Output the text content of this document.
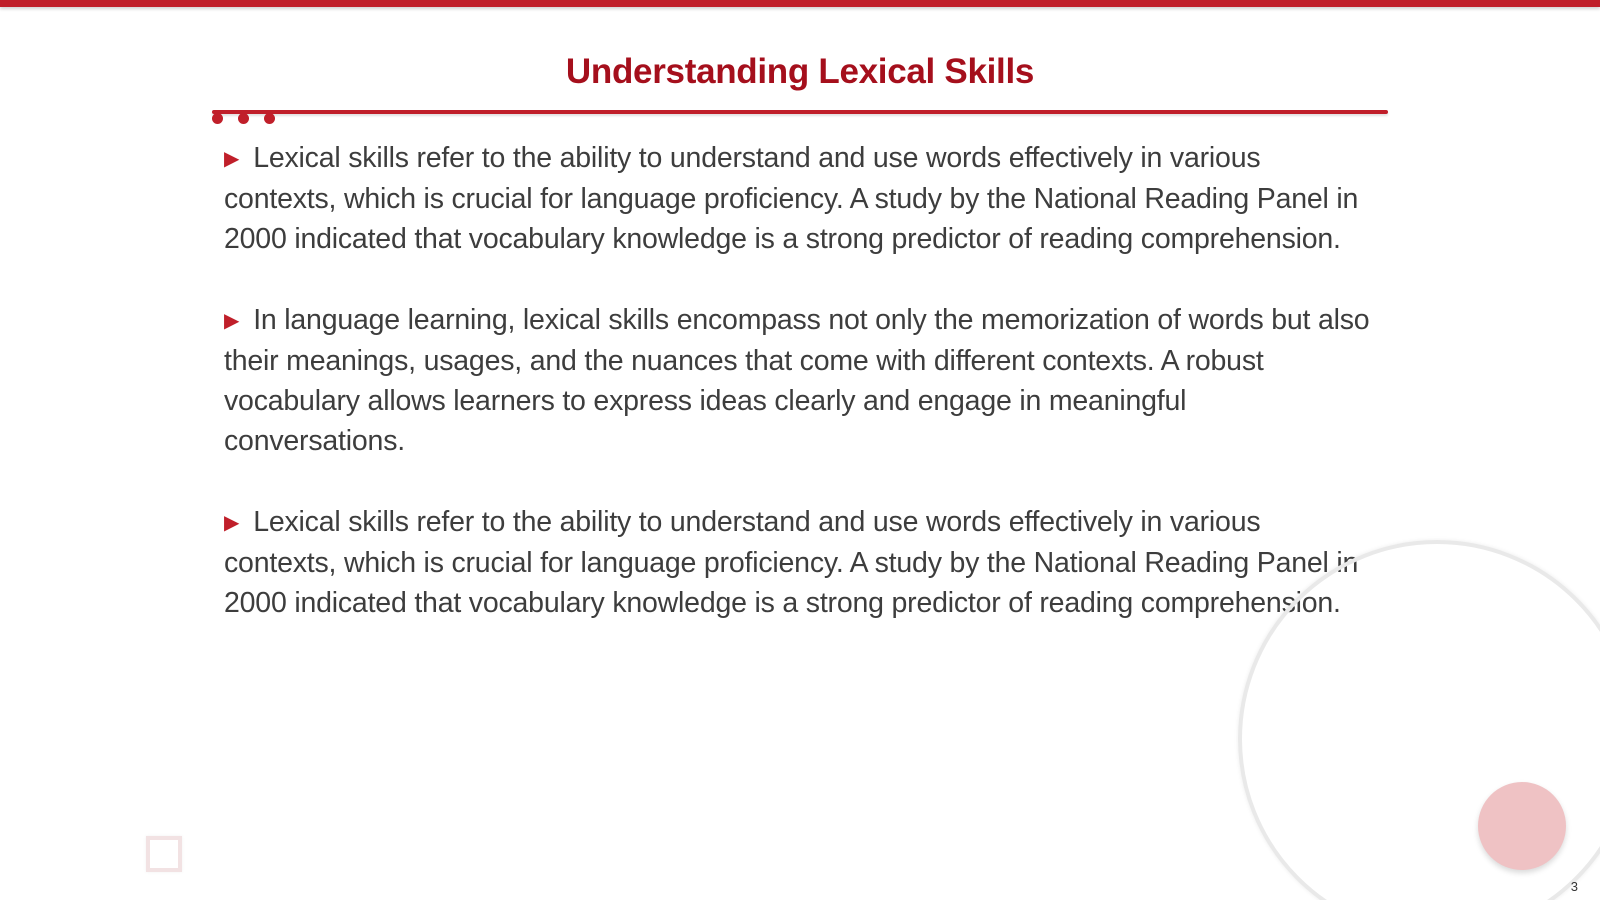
Understanding Lexical Skills

▶ Lexical skills refer to the ability to understand and use words effectively in various contexts, which is crucial for language proficiency. A study by the National Reading Panel in 2000 indicated that vocabulary knowledge is a strong predictor of reading comprehension.

▶ In language learning, lexical skills encompass not only the memorization of words but also their meanings, usages, and the nuances that come with different contexts. A robust vocabulary allows learners to express ideas clearly and engage in meaningful conversations.

▶ Lexical skills refer to the ability to understand and use words effectively in various contexts, which is crucial for language proficiency. A study by the National Reading Panel in 2000 indicated that vocabulary knowledge is a strong predictor of reading comprehension.

3
